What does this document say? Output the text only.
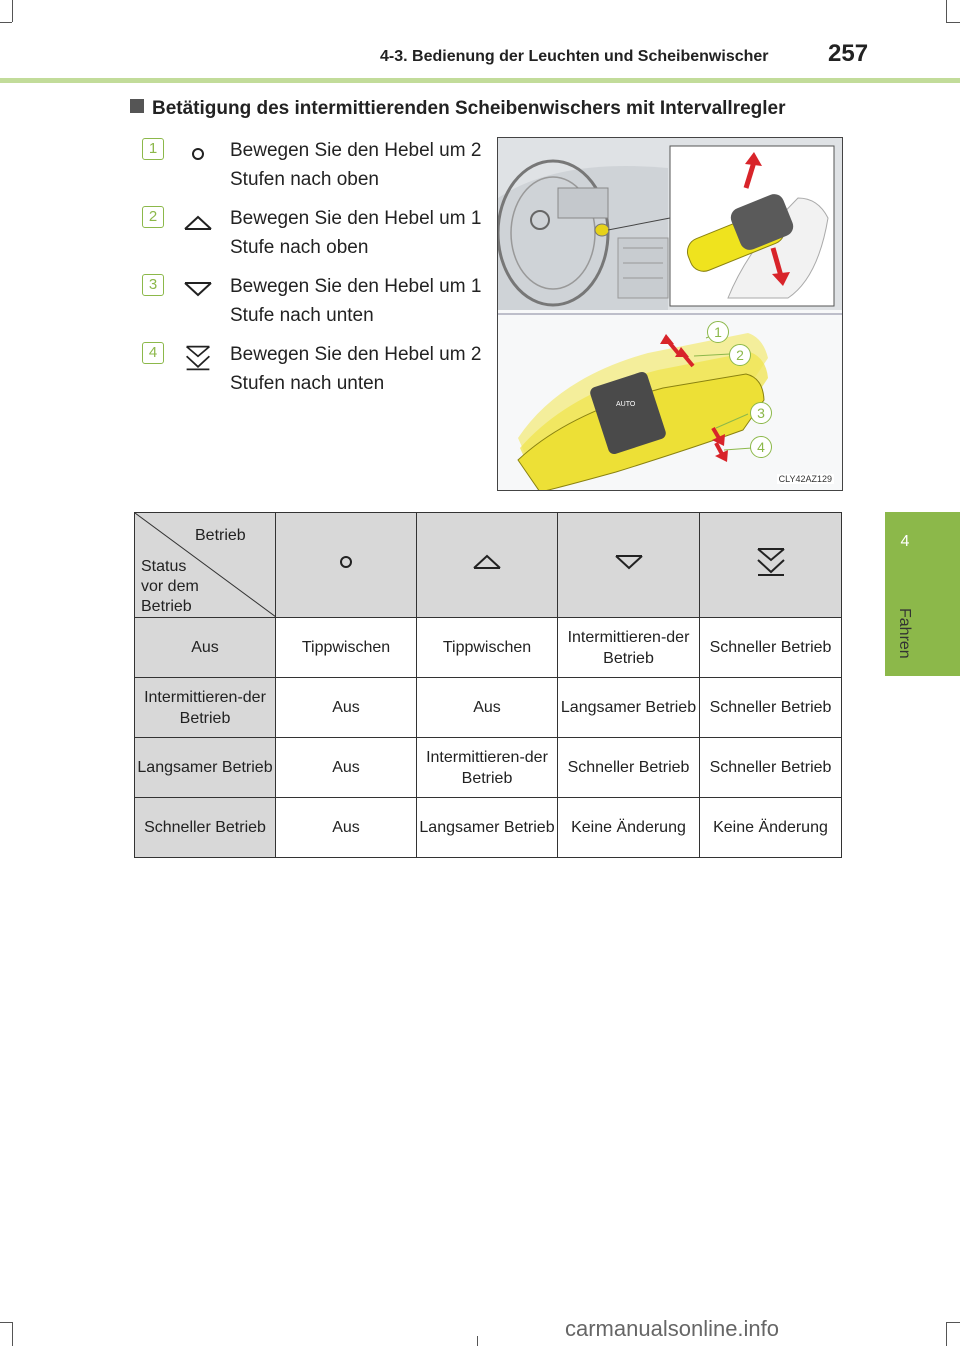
4-3. Bedienung der Leuchten und Scheibenwischer 257
4
Fahren
Betätigung des intermittierenden Scheibenwischers mit Intervallregler
1	Bewegen Sie den Hebel um 2 Stufen nach oben
2	Bewegen Sie den Hebel um 1 Stufe nach oben
3	Bewegen Sie den Hebel um 1 Stufe nach unten
4	Bewegen Sie den Hebel um 2 Stufen nach unten
AUTO
1
2
3
4
CLY42AZ129
Betrieb
Status
vor dem
Betrieb

Aus	Tippwischen	Tippwischen	Intermittieren-der Betrieb	Schneller Betrieb
Intermittieren-der Betrieb	Aus	Aus	Langsamer Betrieb	Schneller Betrieb
Langsamer Betrieb	Aus	Intermittieren-der Betrieb	Schneller Betrieb	Schneller Betrieb
Schneller Betrieb	Aus	Langsamer Betrieb	Keine Änderung	Keine Änderung
carmanualsonline.info
